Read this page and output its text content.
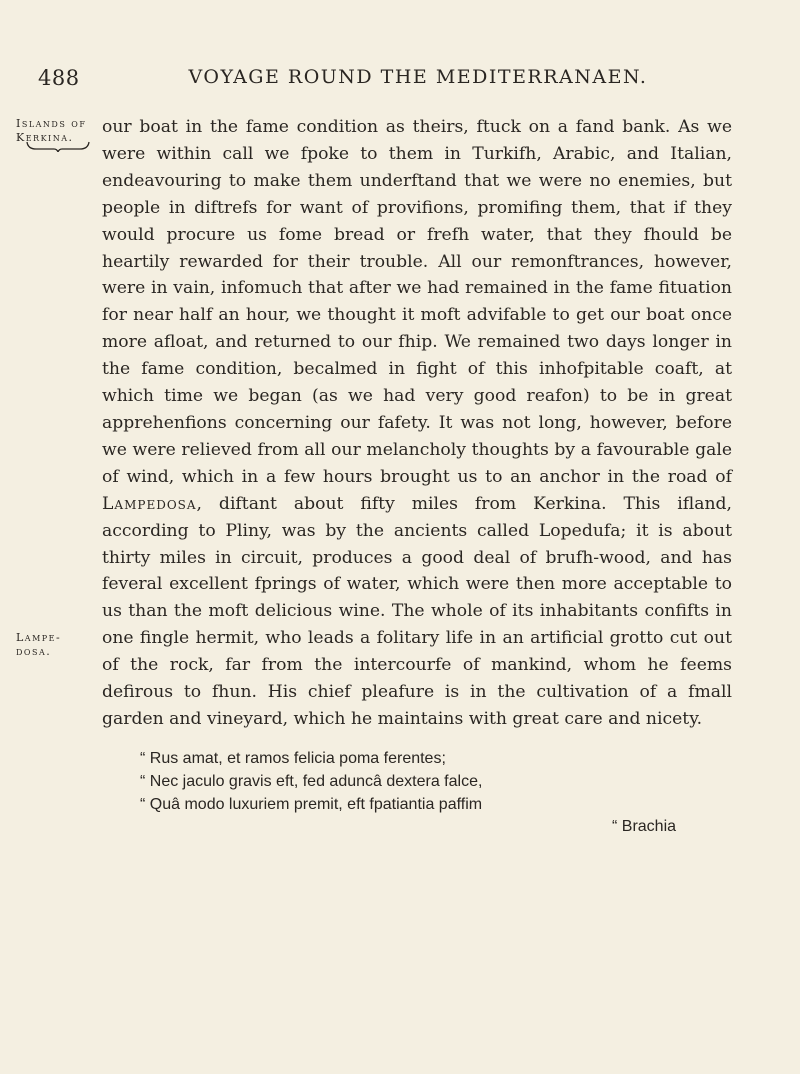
488	VOYAGE ROUND THE MEDITERRANAEN.
Islands of
Kerkina.
Lampe-
dosa.

our boat in the fame condition as theirs, ftuck on a fand bank. As we were within call we fpoke to them in Turkifh, Arabic, and Italian, endeavouring to make them underftand that we were no enemies, but people in diftrefs for want of provifions, promifing them, that if they would procure us fome bread or frefh water, that they fhould be heartily rewarded for their trouble. All our remonftrances, however, were in vain, infomuch that after we had remained in the fame fituation for near half an hour, we thought it moft advifable to get our boat once more afloat, and returned to our fhip. We remained two days longer in the fame condition, becalmed in fight of this inhofpitable coaft, at which time we began (as we had very good reafon) to be in great apprehenfions concerning our fafety. It was not long, however, before we were relieved from all our melancholy thoughts by a favourable gale of wind, which in a few hours brought us to an anchor in the road of Lampedosa, diftant about fifty miles from Kerkina. This ifland, according to Pliny, was by the ancients called Lopedufa; it is about thirty miles in circuit, produces a good deal of brufh-wood, and has feveral excellent fprings of water, which were then more acceptable to us than the moft delicious wine. The whole of its inhabitants confifts in one fingle hermit, who leads a folitary life in an artificial grotto cut out of the rock, far from the intercourfe of mankind, whom he feems defirous to fhun. His chief pleafure is in the cultivation of a fmall garden and vineyard, which he maintains with great care and nicety.

“ Rus amat, et ramos felicia poma ferentes;
“ Nec jaculo gravis eft, fed aduncâ dextera falce,
“ Quâ modo luxuriem premit, eft fpatiantia paffim
“ Brachia
